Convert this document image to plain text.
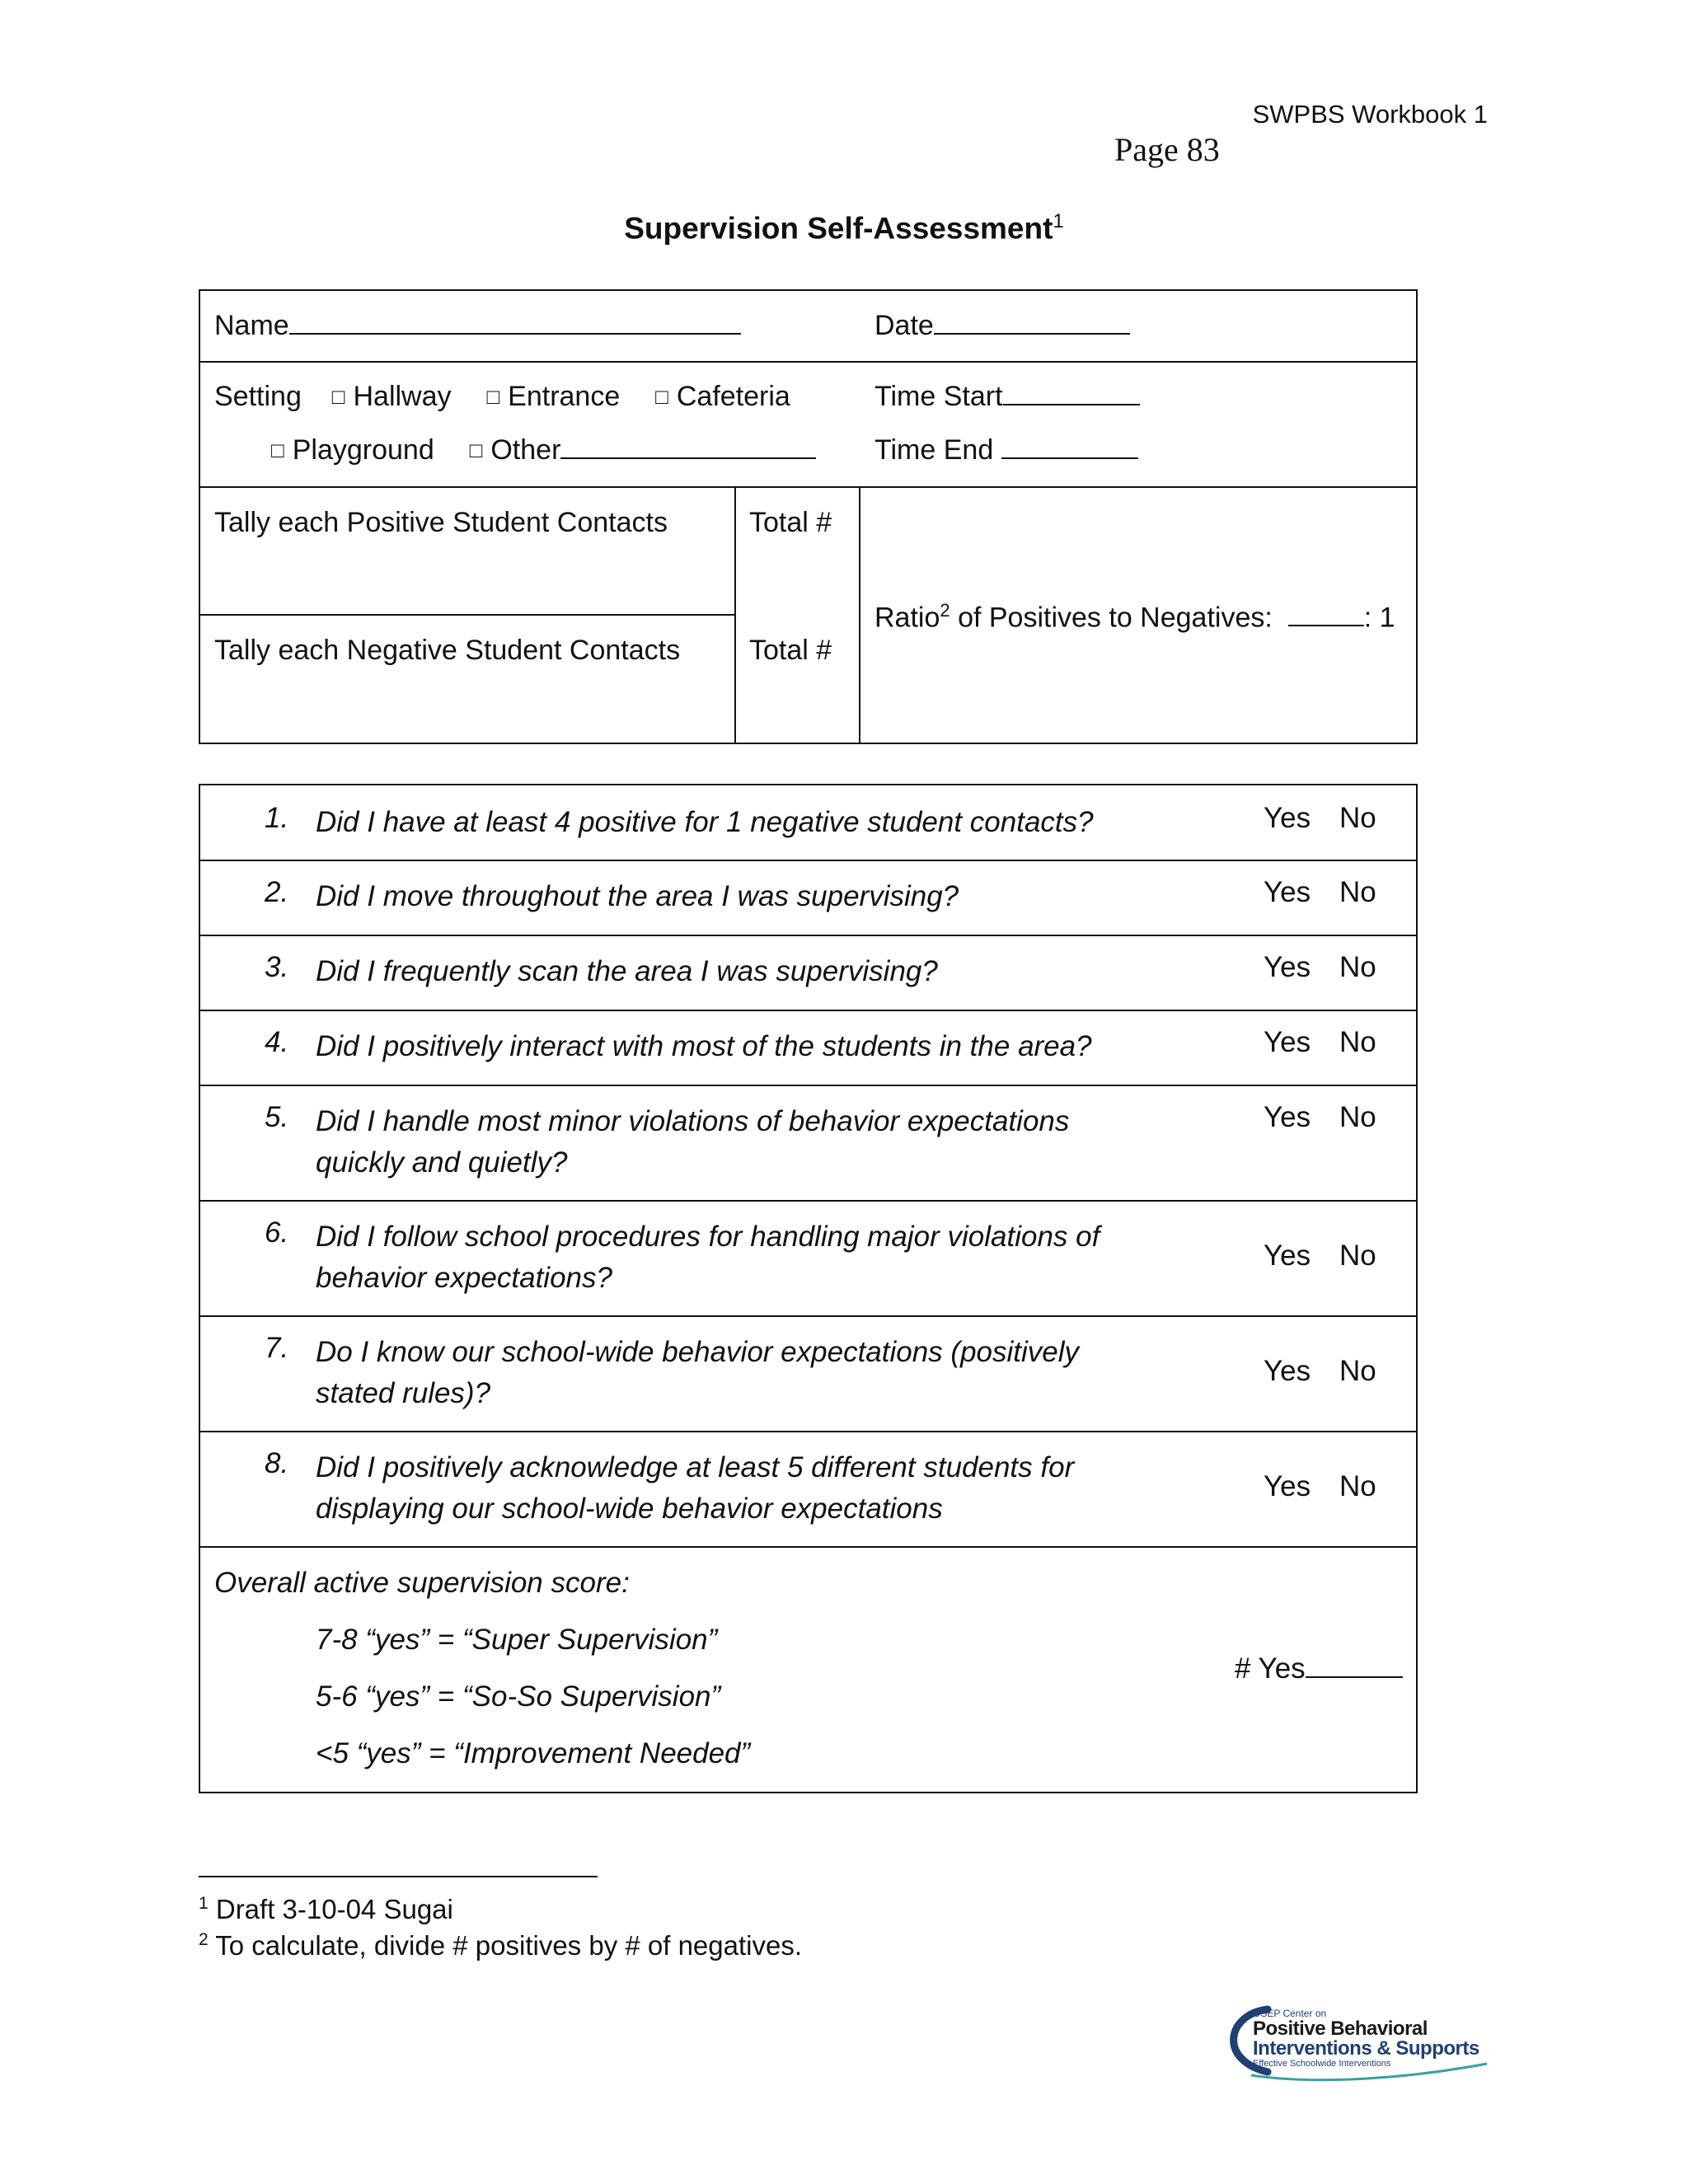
SWPBS Workbook 1
Page 83
Supervision Self-Assessment$^1$
Name	Date
Setting □ Hallway □ Entrance □ Cafeteria
□ Playground □ Other
Time Start
Time End
Tally each Positive Student Contacts	Total #
Tally each Negative Student Contacts Total #
Ratio$^2$ of Positives to Negatives:	: 1
1. Did I have at least 4 positive for 1 negative student contacts?	Yes No
2. Did I move throughout the area I was supervising?	Yes No
3. Did I frequently scan the area I was supervising?	Yes No
4. Did I positively interact with most of the students in the area?	Yes No
5. Did I handle most minor violations of behavior expectations quickly and quietly?
Yes No
6. Did I follow school procedures for handling major violations of behavior expectations?
Yes No
7. Do I know our school-wide behavior expectations (positively stated rules)?
Yes No
8. Did I positively acknowledge at least 5 different students for displaying our school-wide behavior expectations
Yes No
Overall active supervision score:
7-8 “yes” = “Super Supervision”
5-6 “yes” = “So-So Supervision”
<5 “yes” = “Improvement Needed”
# Yes
$^1$ Draft 3-10-04 Sugai
$^2$ To calculate, divide # positives by # of negatives.
OSEP Center on
Positive Behavioral
Interventions & Supports
Effective Schoolwide Interventions
